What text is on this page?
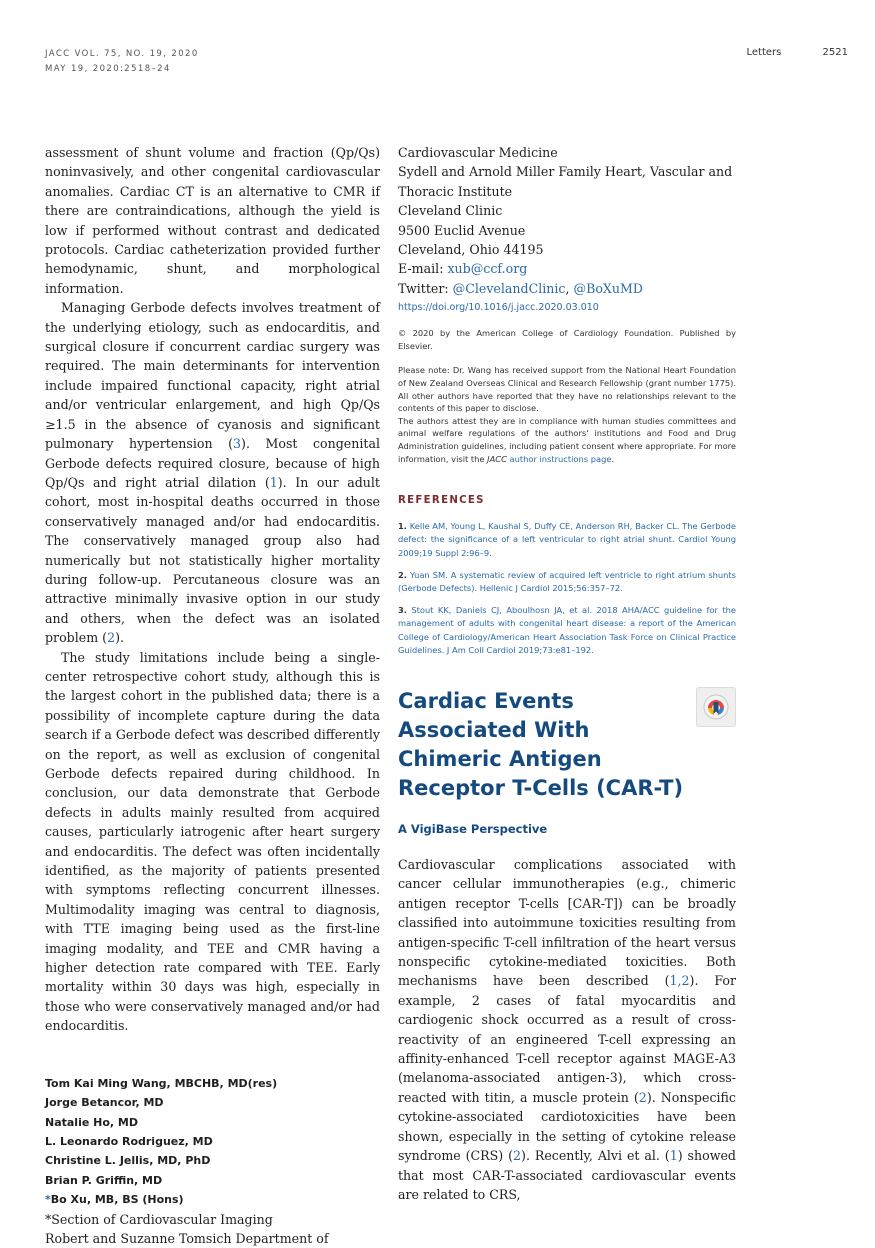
JACC VOL. 75, NO. 19, 2020
MAY 19, 2020:2518–24
Letters	2521

assessment of shunt volume and fraction (Qp/Qs) noninvasively, and other congenital cardiovascular anomalies. Cardiac CT is an alternative to CMR if there are contraindications, although the yield is low if performed without contrast and dedicated protocols. Cardiac catheterization provided further hemodynamic, shunt, and morphological information.

Managing Gerbode defects involves treatment of the underlying etiology, such as endocarditis, and surgical closure if concurrent cardiac surgery was required. The main determinants for intervention include impaired functional capacity, right atrial and/or ventricular enlargement, and high Qp/Qs ≥1.5 in the absence of cyanosis and significant pulmonary hypertension (3). Most congenital Gerbode defects required closure, because of high Qp/Qs and right atrial dilation (1). In our adult cohort, most in-hospital deaths occurred in those conservatively managed and/or had endocarditis. The conservatively managed group also had numerically but not statistically higher mortality during follow-up. Percutaneous closure was an attractive minimally invasive option in our study and others, when the defect was an isolated problem (2).

The study limitations include being a single-center retrospective cohort study, although this is the largest cohort in the published data; there is a possibility of incomplete capture during the data search if a Gerbode defect was described differently on the report, as well as exclusion of congenital Gerbode defects repaired during childhood. In conclusion, our data demonstrate that Gerbode defects in adults mainly resulted from acquired causes, particularly iatrogenic after heart surgery and endocarditis. The defect was often incidentally identified, as the majority of patients presented with symptoms reflecting concurrent illnesses. Multimodality imaging was central to diagnosis, with TTE imaging being used as the first-line imaging modality, and TEE and CMR having a higher detection rate compared with TEE. Early mortality within 30 days was high, especially in those who were conservatively managed and/or had endocarditis.

Tom Kai Ming Wang, MBCHB, MD(res)
Jorge Betancor, MD
Natalie Ho, MD
L. Leonardo Rodriguez, MD
Christine L. Jellis, MD, PhD
Brian P. Griffin, MD
*Bo Xu, MB, BS (Hons)
*Section of Cardiovascular Imaging
Robert and Suzanne Tomsich Department of
Cardiovascular Medicine
Sydell and Arnold Miller Family Heart, Vascular and Thoracic Institute
Cleveland Clinic
9500 Euclid Avenue
Cleveland, Ohio 44195
E-mail: xub@ccf.org
Twitter: @ClevelandClinic, @BoXuMD
https://doi.org/10.1016/j.jacc.2020.03.010

© 2020 by the American College of Cardiology Foundation. Published by Elsevier.

Please note: Dr. Wang has received support from the National Heart Foundation of New Zealand Overseas Clinical and Research Fellowship (grant number 1775). All other authors have reported that they have no relationships relevant to the contents of this paper to disclose.

The authors attest they are in compliance with human studies committees and animal welfare regulations of the authors' institutions and Food and Drug Administration guidelines, including patient consent where appropriate. For more information, visit the JACC author instructions page.

REFERENCES
1. Kelle AM, Young L, Kaushal S, Duffy CE, Anderson RH, Backer CL. The Gerbode defect: the significance of a left ventricular to right atrial shunt. Cardiol Young 2009;19 Suppl 2:96–9.
2. Yuan SM. A systematic review of acquired left ventricle to right atrium shunts (Gerbode Defects). Hellenic J Cardiol 2015;56:357–72.
3. Stout KK, Daniels CJ, Aboulhosn JA, et al. 2018 AHA/ACC guideline for the management of adults with congenital heart disease: a report of the American College of Cardiology/American Heart Association Task Force on Clinical Practice Guidelines. J Am Coll Cardiol 2019;73:e81–192.
Cardiac Events Associated With Chimeric Antigen Receptor T-Cells (CAR-T)
A VigiBase Perspective

Cardiovascular complications associated with cancer cellular immunotherapies (e.g., chimeric antigen receptor T-cells [CAR-T]) can be broadly classified into autoimmune toxicities resulting from antigen-specific T-cell infiltration of the heart versus nonspecific cytokine-mediated toxicities. Both mechanisms have been described (1,2). For example, 2 cases of fatal myocarditis and cardiogenic shock occurred as a result of cross-reactivity of an engineered T-cell expressing an affinity-enhanced T-cell receptor against MAGE-A3 (melanoma-associated antigen-3), which cross-reacted with titin, a muscle protein (2). Nonspecific cytokine-associated cardiotoxicities have been shown, especially in the setting of cytokine release syndrome (CRS) (2). Recently, Alvi et al. (1) showed that most CAR-T-associated cardiovascular events are related to CRS,
